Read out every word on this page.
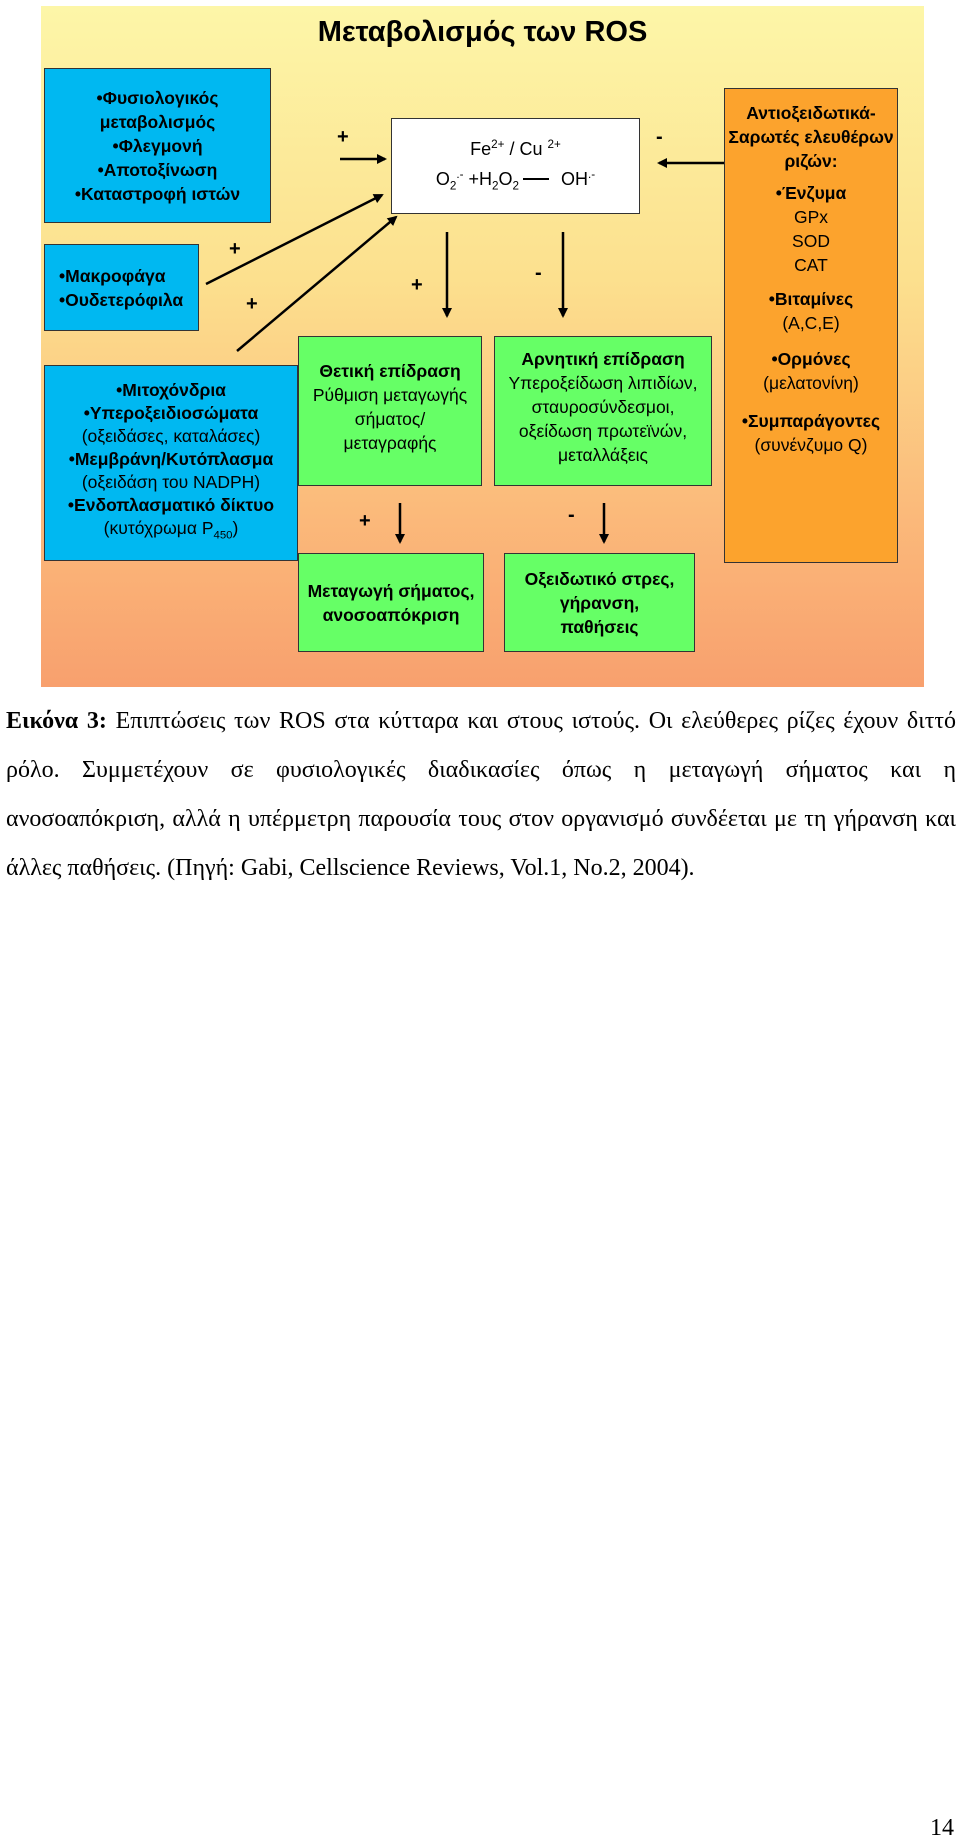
Μεταβολισμός των ROS
•Φυσιολογικός μεταβολισμός
•Φλεγμονή
•Αποτοξίνωση
•Καταστροφή ιστών
•Μακροφάγα
•Ουδετερόφιλα
•Μιτοχόνδρια
•Υπεροξειδιοσώματα
(οξειδάσες, καταλάσες)
•Μεμβράνη/Κυτόπλασμα
(οξειδάση του NADPH)
•Ενδοπλασματικό δίκτυο
(κυτόχρωμα $P_{450}$)
$Fe^{2+}$ / Cu $^{2+}$
$O_2^{.-} +H_2O_2$ OH.-
Αντιοξειδωτικά-Σαρωτές ελευθέρων ριζών:
•Ένζυμα
GPx
SOD
CAT
•Βιταμίνες
(A,C,E)
•Ορμόνες
(μελατονίνη)
•Συμπαράγοντες
(συνένζυμο Q)
Θετική επίδραση
Ρύθμιση μεταγωγής
σήματος/
μεταγραφής
Αρνητική επίδραση
Υπεροξείδωση λιπιδίων,
σταυροσύνδεσμοι,
οξείδωση πρωτεϊνών,
μεταλλάξεις
Μεταγωγή σήματος,
ανοσοαπόκριση
Οξειδωτικό στρες,
γήρανση,
παθήσεις
+	-
+
+
+
-
+	-
Εικόνα 3: Επιπτώσεις των ROS στα κύτταρα και στους ιστούς. Οι ελεύθερες ρίζες έχουν διττό ρόλο. Συμμετέχουν σε φυσιολογικές διαδικασίες όπως η μεταγωγή σήματος και η ανοσοαπόκριση, αλλά η υπέρμετρη παρουσία τους στον οργανισμό συνδέεται με τη γήρανση και άλλες παθήσεις. (Πηγή: Gabi, Cellscience Reviews, Vol.1, No.2, 2004).
14
